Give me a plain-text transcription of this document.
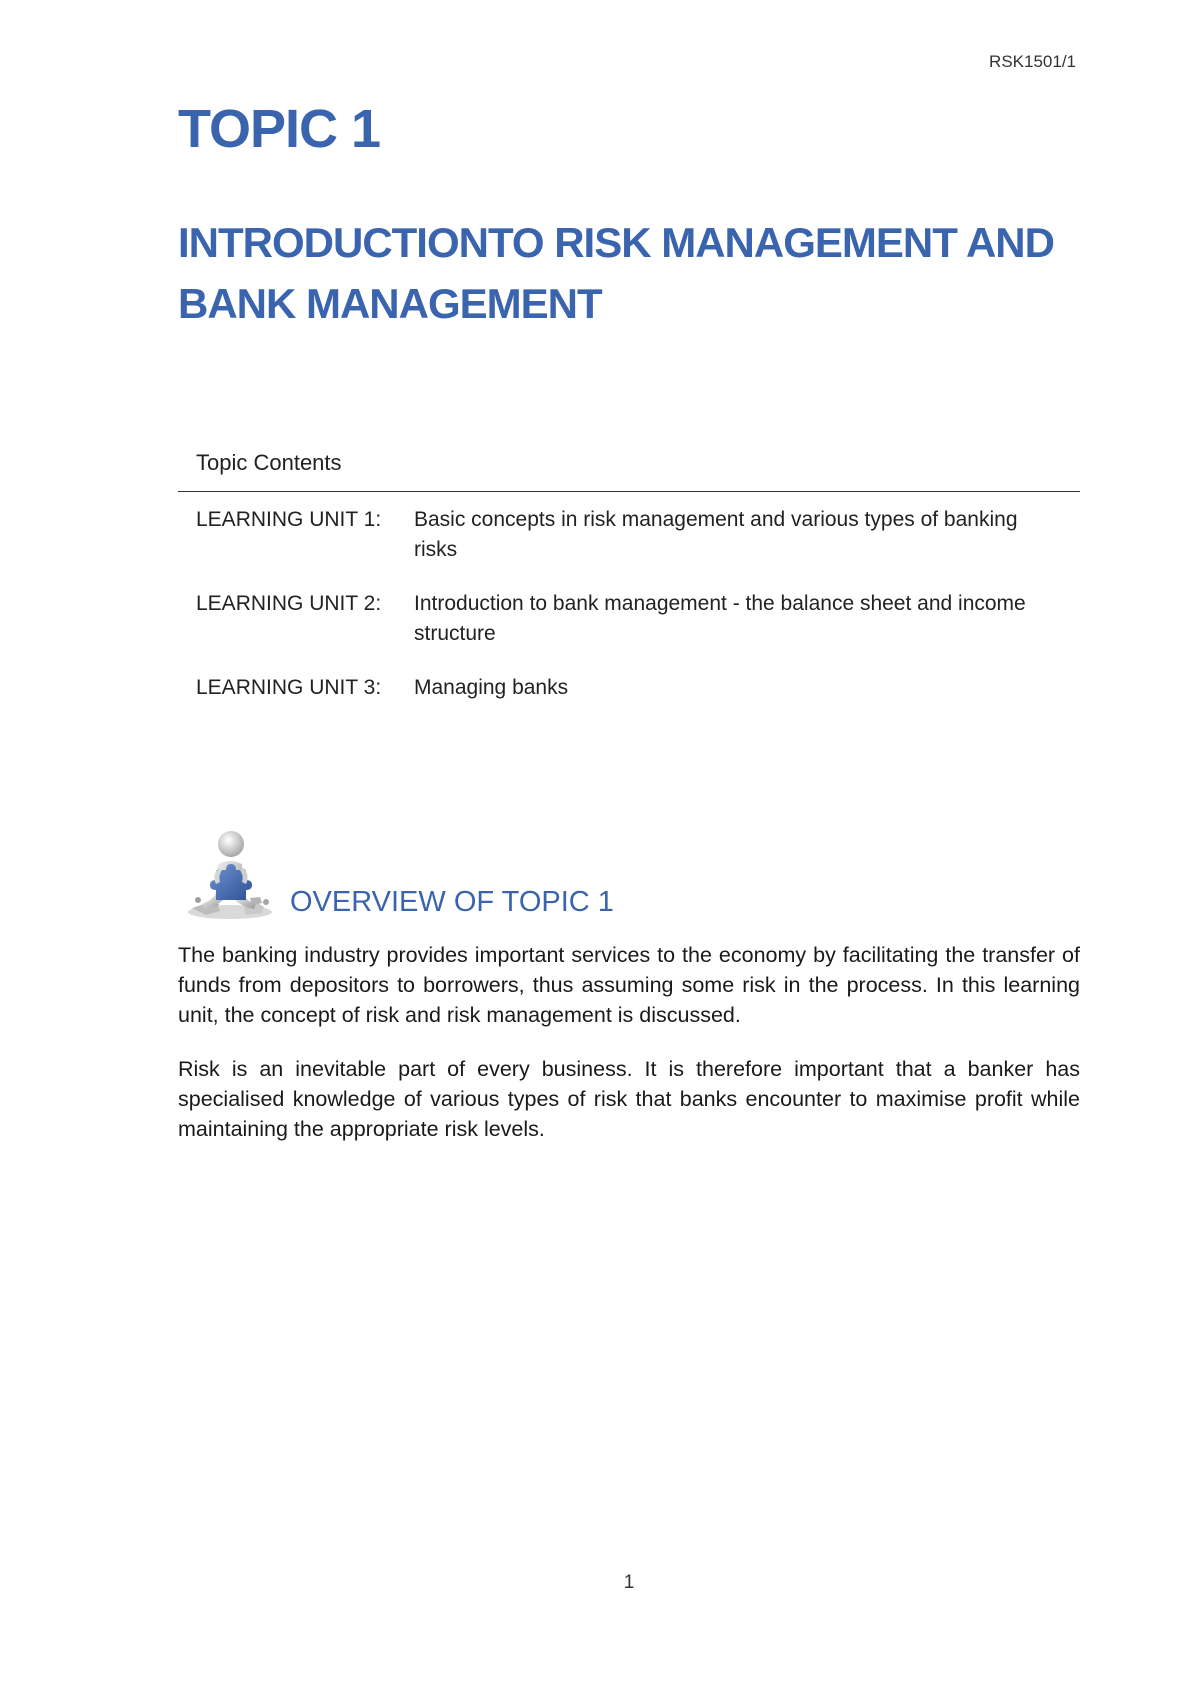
RSK1501/1
TOPIC 1
INTRODUCTIONTO RISK MANAGEMENT AND BANK MANAGEMENT
Topic Contents
LEARNING UNIT 1:	Basic concepts in risk management and various types of banking risks
LEARNING UNIT 2:	Introduction to bank management - the balance sheet and income structure
LEARNING UNIT 3:	Managing banks
OVERVIEW OF TOPIC 1

The banking industry provides important services to the economy by facilitating the transfer of funds from depositors to borrowers, thus assuming some risk in the process. In this learning unit, the concept of risk and risk management is discussed.

Risk is an inevitable part of every business. It is therefore important that a banker has specialised knowledge of various types of risk that banks encounter to maximise profit while maintaining the appropriate risk levels.

1
